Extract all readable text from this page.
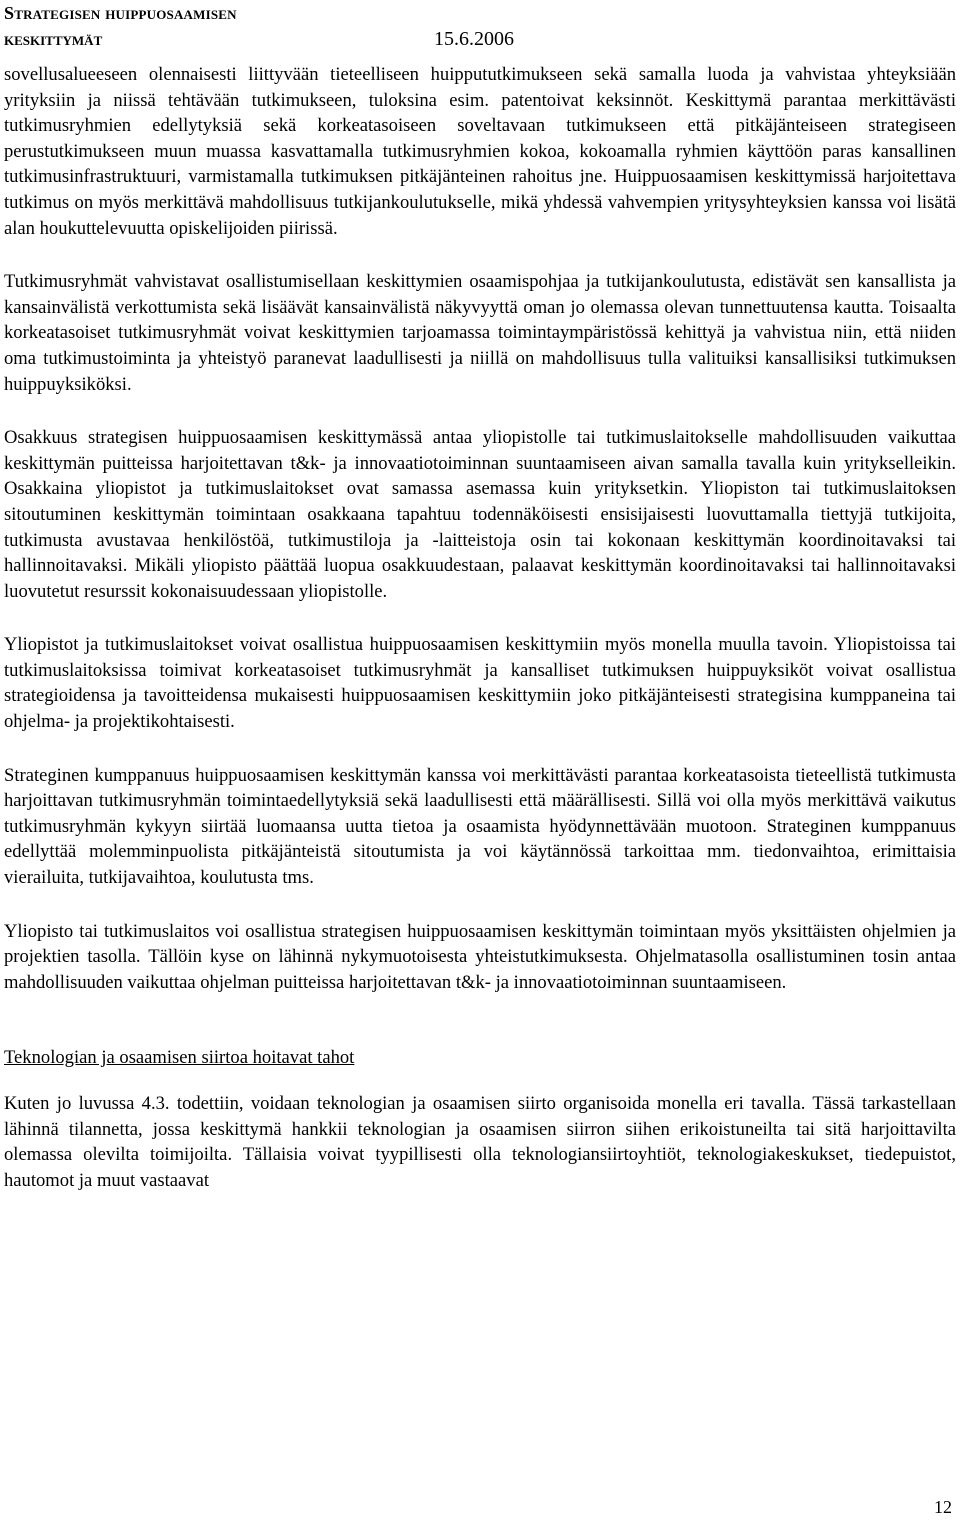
Strategisen huippuosaamisen
keskittymät	15.6.2006

sovellusalueeseen olennaisesti liittyvään tieteelliseen huippututkimukseen sekä samalla luoda ja vahvistaa yhteyksiään yrityksiin ja niissä tehtävään tutkimukseen, tuloksina esim. patentoivat keksinnöt. Keskittymä parantaa merkittävästi tutkimusryhmien edellytyksiä sekä korkeatasoiseen soveltavaan tutkimukseen että pitkäjänteiseen strategiseen perustutkimukseen muun muassa kasvattamalla tutkimusryhmien kokoa, kokoamalla ryhmien käyttöön paras kansallinen tutkimusinfrastruktuuri, varmistamalla tutkimuksen pitkäjänteinen rahoitus jne. Huippuosaamisen keskittymissä harjoitettava tutkimus on myös merkittävä mahdollisuus tutkijankoulutukselle, mikä yhdessä vahvempien yritysyhteyksien kanssa voi lisätä alan houkuttelevuutta opiskelijoiden piirissä.

Tutkimusryhmät vahvistavat osallistumisellaan keskittymien osaamispohjaa ja tutkijankoulutusta, edistävät sen kansallista ja kansainvälistä verkottumista sekä lisäävät kansainvälistä näkyvyyttä oman jo olemassa olevan tunnettuutensa kautta. Toisaalta korkeatasoiset tutkimusryhmät voivat keskittymien tarjoamassa toimintaympäristössä kehittyä ja vahvistua niin, että niiden oma tutkimustoiminta ja yhteistyö paranevat laadullisesti ja niillä on mahdollisuus tulla valituiksi kansallisiksi tutkimuksen huippuyksiköksi.

Osakkuus strategisen huippuosaamisen keskittymässä antaa yliopistolle tai tutkimuslaitokselle mahdollisuuden vaikuttaa keskittymän puitteissa harjoitettavan t&k- ja innovaatiotoiminnan suuntaamiseen aivan samalla tavalla kuin yritykselleikin. Osakkaina yliopistot ja tutkimuslaitokset ovat samassa asemassa kuin yrityksetkin. Yliopiston tai tutkimuslaitoksen sitoutuminen keskittymän toimintaan osakkaana tapahtuu todennäköisesti ensisijaisesti luovuttamalla tiettyjä tutkijoita, tutkimusta avustavaa henkilöstöä, tutkimustiloja ja -laitteistoja osin tai kokonaan keskittymän koordinoitavaksi tai hallinnoitavaksi. Mikäli yliopisto päättää luopua osakkuudestaan, palaavat keskittymän koordinoitavaksi tai hallinnoitavaksi luovutetut resurssit kokonaisuudessaan yliopistolle.

Yliopistot ja tutkimuslaitokset voivat osallistua huippuosaamisen keskittymiin myös monella muulla tavoin. Yliopistoissa tai tutkimuslaitoksissa toimivat korkeatasoiset tutkimusryhmät ja kansalliset tutkimuksen huippuyksiköt voivat osallistua strategioidensa ja tavoitteidensa mukaisesti huippuosaamisen keskittymiin joko pitkäjänteisesti strategisina kumppaneina tai ohjelma- ja projektikohtaisesti.

Strateginen kumppanuus huippuosaamisen keskittymän kanssa voi merkittävästi parantaa korkeatasoista tieteellistä tutkimusta harjoittavan tutkimusryhmän toimintaedellytyksiä sekä laadullisesti että määrällisesti. Sillä voi olla myös merkittävä vaikutus tutkimusryhmän kykyyn siirtää luomaansa uutta tietoa ja osaamista hyödynnettävään muotoon. Strateginen kumppanuus edellyttää molemminpuolista pitkäjänteistä sitoutumista ja voi käytännössä tarkoittaa mm. tiedonvaihtoa, erimittaisia vierailuita, tutkijavaihtoa, koulutusta tms.

Yliopisto tai tutkimuslaitos voi osallistua strategisen huippuosaamisen keskittymän toimintaan myös yksittäisten ohjelmien ja projektien tasolla. Tällöin kyse on lähinnä nykymuotoisesta yhteistutkimuksesta. Ohjelmatasolla osallistuminen tosin antaa mahdollisuuden vaikuttaa ohjelman puitteissa harjoitettavan t&k- ja innovaatiotoiminnan suuntaamiseen.

Teknologian ja osaamisen siirtoa hoitavat tahot

Kuten jo luvussa 4.3. todettiin, voidaan teknologian ja osaamisen siirto organisoida monella eri tavalla. Tässä tarkastellaan lähinnä tilannetta, jossa keskittymä hankkii teknologian ja osaamisen siirron siihen erikoistuneilta tai sitä harjoittavilta olemassa olevilta toimijoilta. Tällaisia voivat tyypillisesti olla teknologiansiirtoyhtiöt, teknologiakeskukset, tiedepuistot, hautomot ja muut vastaavat

12
